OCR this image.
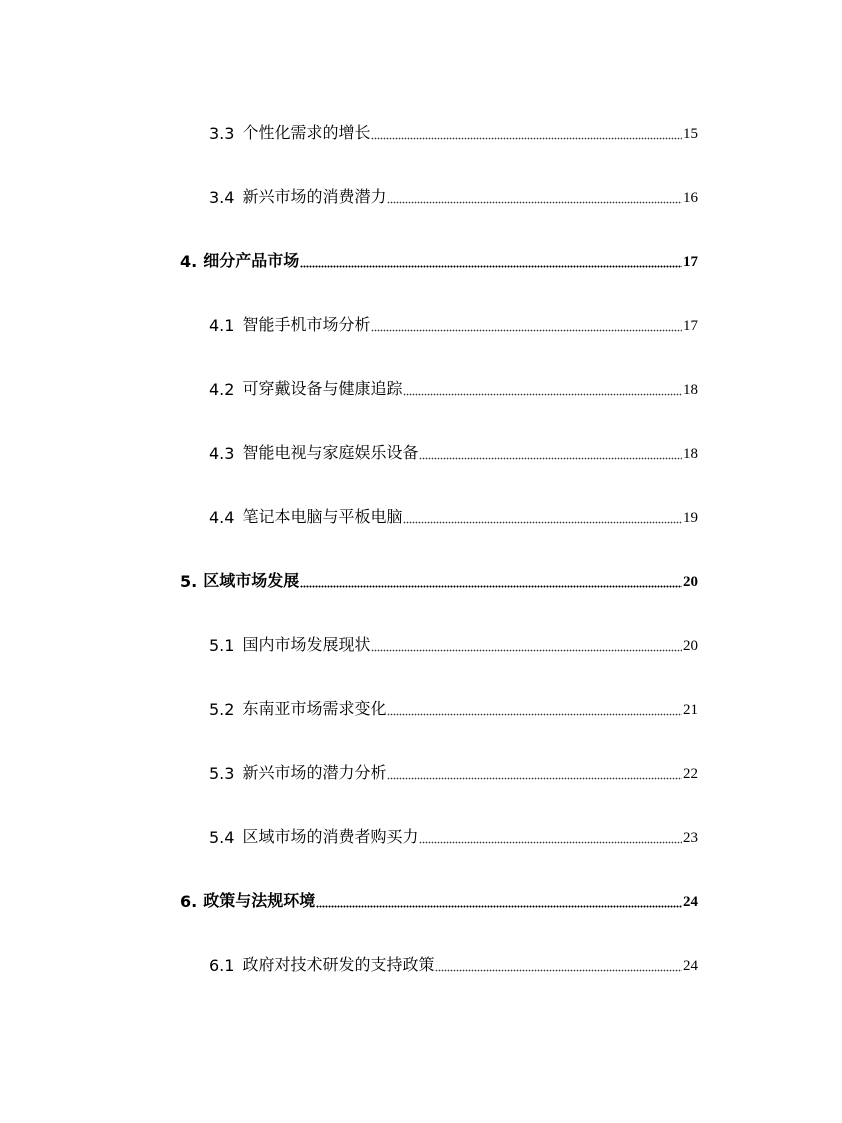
3.3 个性化需求的增长	15
3.4 新兴市场的消费潜力	16
4. 细分产品市场	17
4.1 智能手机市场分析	17
4.2 可穿戴设备与健康追踪	18
4.3 智能电视与家庭娱乐设备	18
4.4 笔记本电脑与平板电脑	19
5. 区域市场发展	20
5.1 国内市场发展现状	20
5.2 东南亚市场需求变化	21
5.3 新兴市场的潜力分析	22
5.4 区域市场的消费者购买力	23
6. 政策与法规环境	24
6.1 政府对技术研发的支持政策	24
